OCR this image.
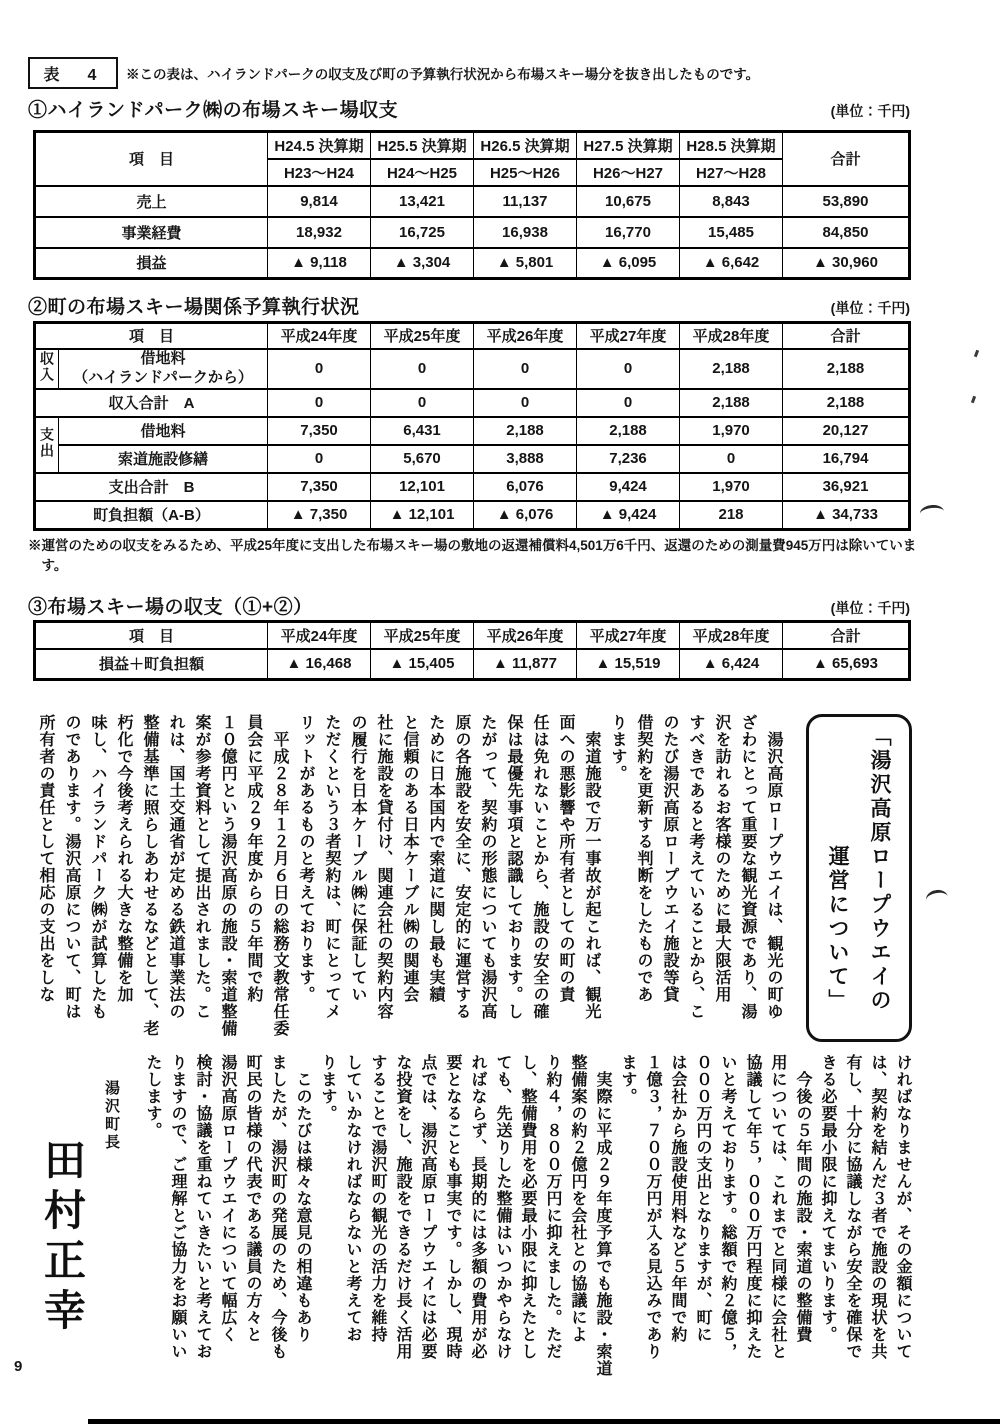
表　4	※この表は、ハイランドパークの収支及び町の予算執行状況から布場スキー場分を抜き出したものです。
①ハイランドパーク㈱の布場スキー場収支	(単位：千円)
項　目	H24.5 決算期	H25.5 決算期	H26.5 決算期	H27.5 決算期	H28.5 決算期	合計
	H23～H24	H24～H25	H25～H26	H26～H27	H27～H28	
売上	9,814	13,421	11,137	10,675	8,843	53,890
事業経費	18,932	16,725	16,938	16,770	15,485	84,850
損益	▲ 9,118	▲ 3,304	▲ 5,801	▲ 6,095	▲ 6,642	▲ 30,960
②町の布場スキー場関係予算執行状況	(単位：千円)
項　目		平成24年度	平成25年度	平成26年度	平成27年度	平成28年度	合計
収入	借地料
（ハイランドパークから）	0	0	0	0	2,188	2,188
収入合計　A		0	0	0	0	2,188	2,188
支出	借地料	7,350	6,431	2,188	2,188	1,970	20,127
	索道施設修繕	0	5,670	3,888	7,236	0	16,794
支出合計　B		7,350	12,101	6,076	9,424	1,970	36,921
町負担額（A-B）		▲ 7,350	▲ 12,101	▲ 6,076	▲ 9,424	218	▲ 34,733
※運営のための収支をみるため、平成25年度に支出した布場スキー場の敷地の返還補償料4,501万6千円、返還のための測量費945万円は除いています。
③布場スキー場の収支（①+②）	(単位：千円)
項　目	平成24年度	平成25年度	平成26年度	平成27年度	平成28年度	合計
損益＋町負担額	▲ 16,468	▲ 15,405	▲ 11,877	▲ 15,519	▲ 6,424	▲ 65,693
「湯沢高原ロープウエイの
　　　　　運営について」
　湯沢高原ロープウエイは、観光の町ゆ
ざわにとって重要な観光資源であり、湯
沢を訪れるお客様のために最大限活用
すべきであると考えていることから、こ
のたび湯沢高原ロープウエイ施設等貸
借契約を更新する判断をしたものであ
ります。
　索道施設で万一事故が起これば、観光
面への悪影響や所有者としての町の責
任は免れないことから、施設の安全の確
保は最優先事項と認識しております。し
たがって、契約の形態についても湯沢高
原の各施設を安全に、安定的に運営する
ために日本国内で索道に関し最も実績
と信頼のある日本ケーブル㈱の関連会
社に施設を貸付け、関連会社の契約内容
の履行を日本ケーブル㈱に保証してい
ただくという３者契約は、町にとってメ
リットがあるものと考えております。
　平成２８年１２月６日の総務文教常任委
員会に平成２９年度からの５年間で約
１０億円という湯沢高原の施設・索道整備
案が参考資料として提出されました。こ
れは、国土交通省が定める鉄道事業法の
整備基準に照らしあわせるなどとして、老
朽化で今後考えられる大きな整備を加
味し、ハイランドパーク㈱が試算したも
のであります。湯沢高原について、町は
所有者の責任として相応の支出をしな
ければなりませんが、その金額について
は、契約を結んだ３者で施設の現状を共
有し、十分に協議しながら安全を確保で
きる必要最小限に抑えてまいります。
　今後の５年間の施設・索道の整備費
用については、これまでと同様に会社と
協議して年５，０００万円程度に抑えた
いと考えております。総額で約２億５，
０００万円の支出となりますが、町に
は会社から施設使用料など５年間で約
１億３，７００万円が入る見込みであり
ます。
　実際に平成２９年度予算でも施設・索道
整備案の約２億円を会社との協議によ
り約４，８００万円に抑えました。ただ
し、整備費用を必要最小限に抑えたとし
ても、先送りした整備はいつかやらなけ
ればならず、長期的には多額の費用が必
要となることも事実です。しかし、現時
点では、湯沢高原ロープウエイには必要
な投資をし、施設をできるだけ長く活用
することで湯沢町の観光の活力を維持
していかなければならないと考えてお
ります。
　このたびは様々な意見の相違もあり
ましたが、湯沢町の発展のため、今後も
町民の皆様の代表である議員の方々と
湯沢高原ロープウエイについて幅広く
検討・協議を重ねていきたいと考えてお
りますので、ご理解とご協力をお願いい
たします。
湯沢町長
田村正幸
9
